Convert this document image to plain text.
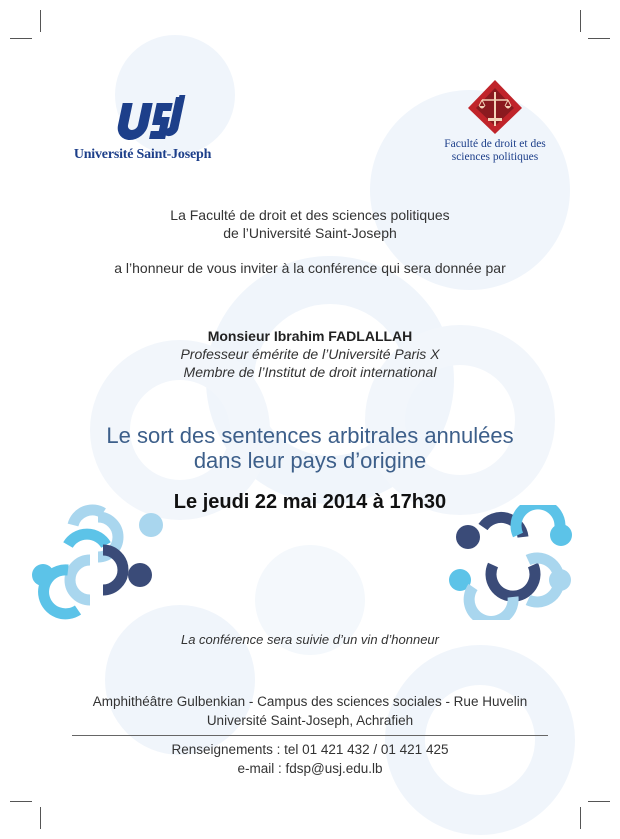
Université Saint-Joseph
Faculté de droit et des
sciences politiques
La Faculté de droit et des sciences politiques
de l’Université Saint-Joseph
a l’honneur de vous inviter à la conférence qui sera donnée par
Monsieur Ibrahim FADLALLAH
Professeur émérite de l’Université Paris X
Membre de l’Institut de droit international
Le sort des sentences arbitrales annulées
dans leur pays d’origine
Le jeudi 22 mai 2014 à 17h30
La conférence sera suivie d’un vin d’honneur
Amphithéâtre Gulbenkian - Campus des sciences sociales - Rue Huvelin
Université Saint-Joseph, Achrafieh
Renseignements : tel 01 421 432 / 01 421 425
e-mail : fdsp@usj.edu.lb
